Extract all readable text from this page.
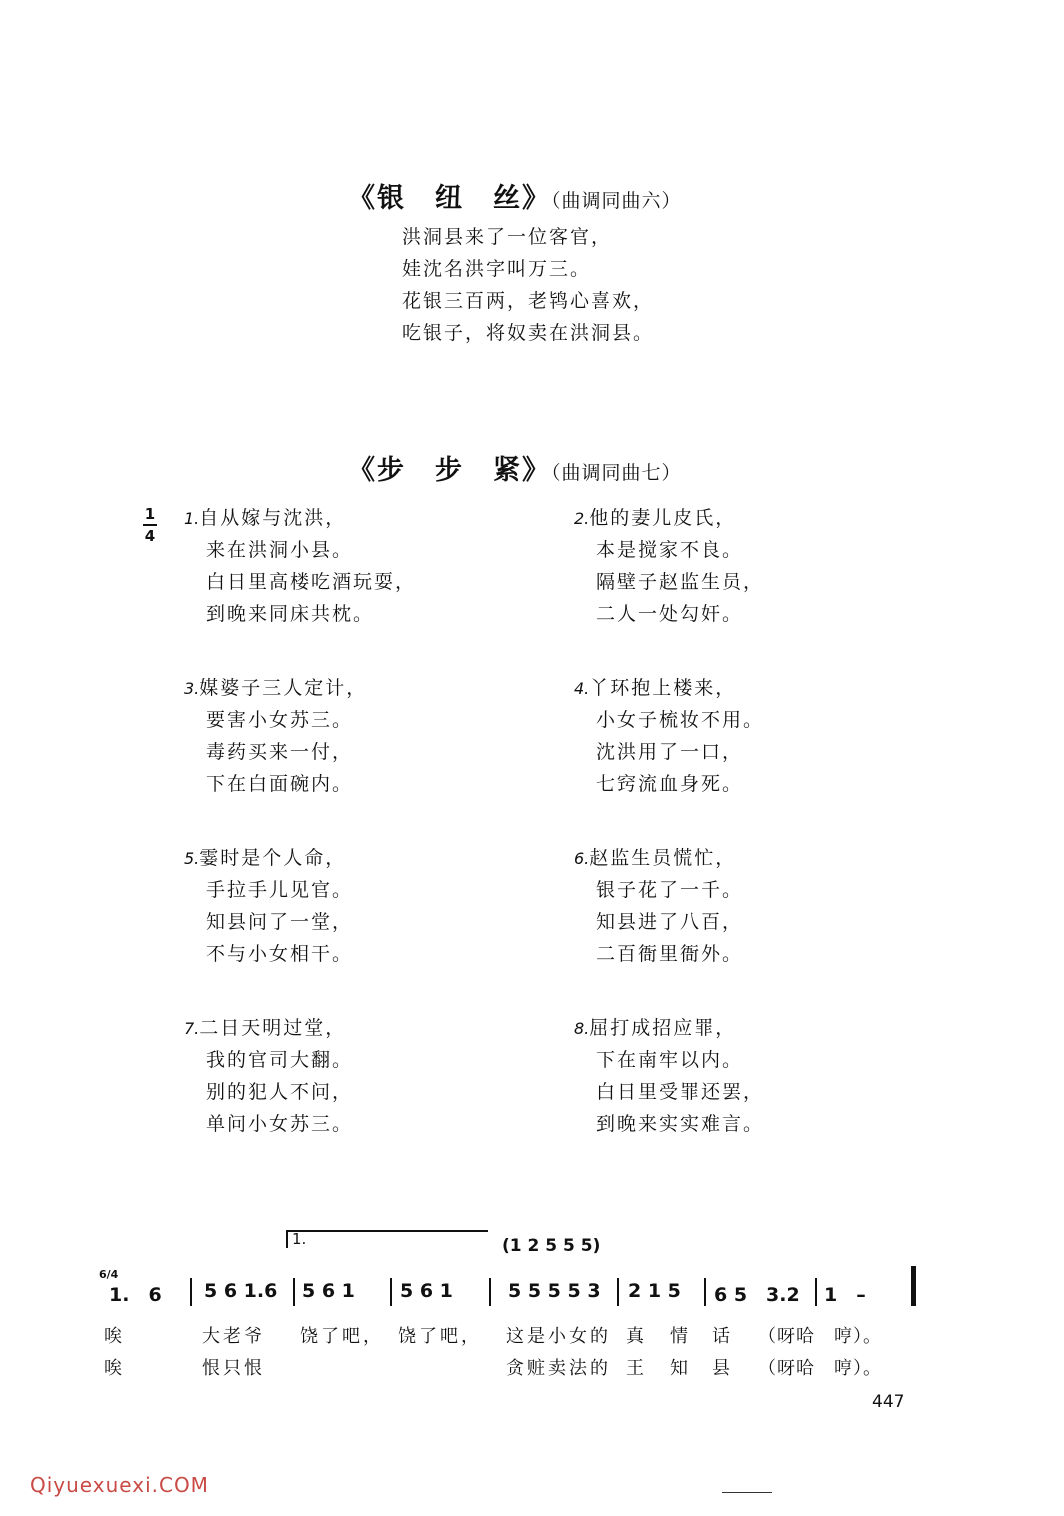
《银　纽　丝》（曲调同曲六）
洪洞县来了一位客官，
娃沈名洪字叫万三。
花银三百两，老鸨心喜欢，
吃银子，将奴卖在洪洞县。
《步　步　紧》（曲调同曲七）
1
4
1.自从嫁与沈洪，
来在洪洞小县。
白日里高楼吃酒玩耍，
到晚来同床共枕。
2.他的妻儿皮氏，
本是搅家不良。
隔壁子赵监生员，
二人一处勾奸。
3.媒婆子三人定计，
要害小女苏三。
毒药买来一付，
下在白面碗内。
4.丫环抱上楼来，
小女子梳妆不用。
沈洪用了一口，
七窍流血身死。
5.霎时是个人命，
手拉手儿见官。
知县问了一堂，
不与小女相干。
6.赵监生员慌忙，
银子花了一千。
知县进了八百，
二百衙里衙外。
7.二日天明过堂，
我的官司大翻。
别的犯人不问，
单问小女苏三。
8.屈打成招应罪，
下在南牢以内。
白日里受罪还罢，
到晚来实实难言。
1.	(1 2 5 5 5)
6/4
1.　6 5 6 1.6 5 6 1 5 6 1	5 5 5 5 3 2 1 5 6 5　3.2 1　–
唉	大老爷 饶了吧， 饶了吧， 这是小女的 真　情 话 （呀哈　哼）。
唉	恨只恨	贪赃卖法的 王　知 县 （呀哈　哼）。
447
Qiyuexuexi.COM
